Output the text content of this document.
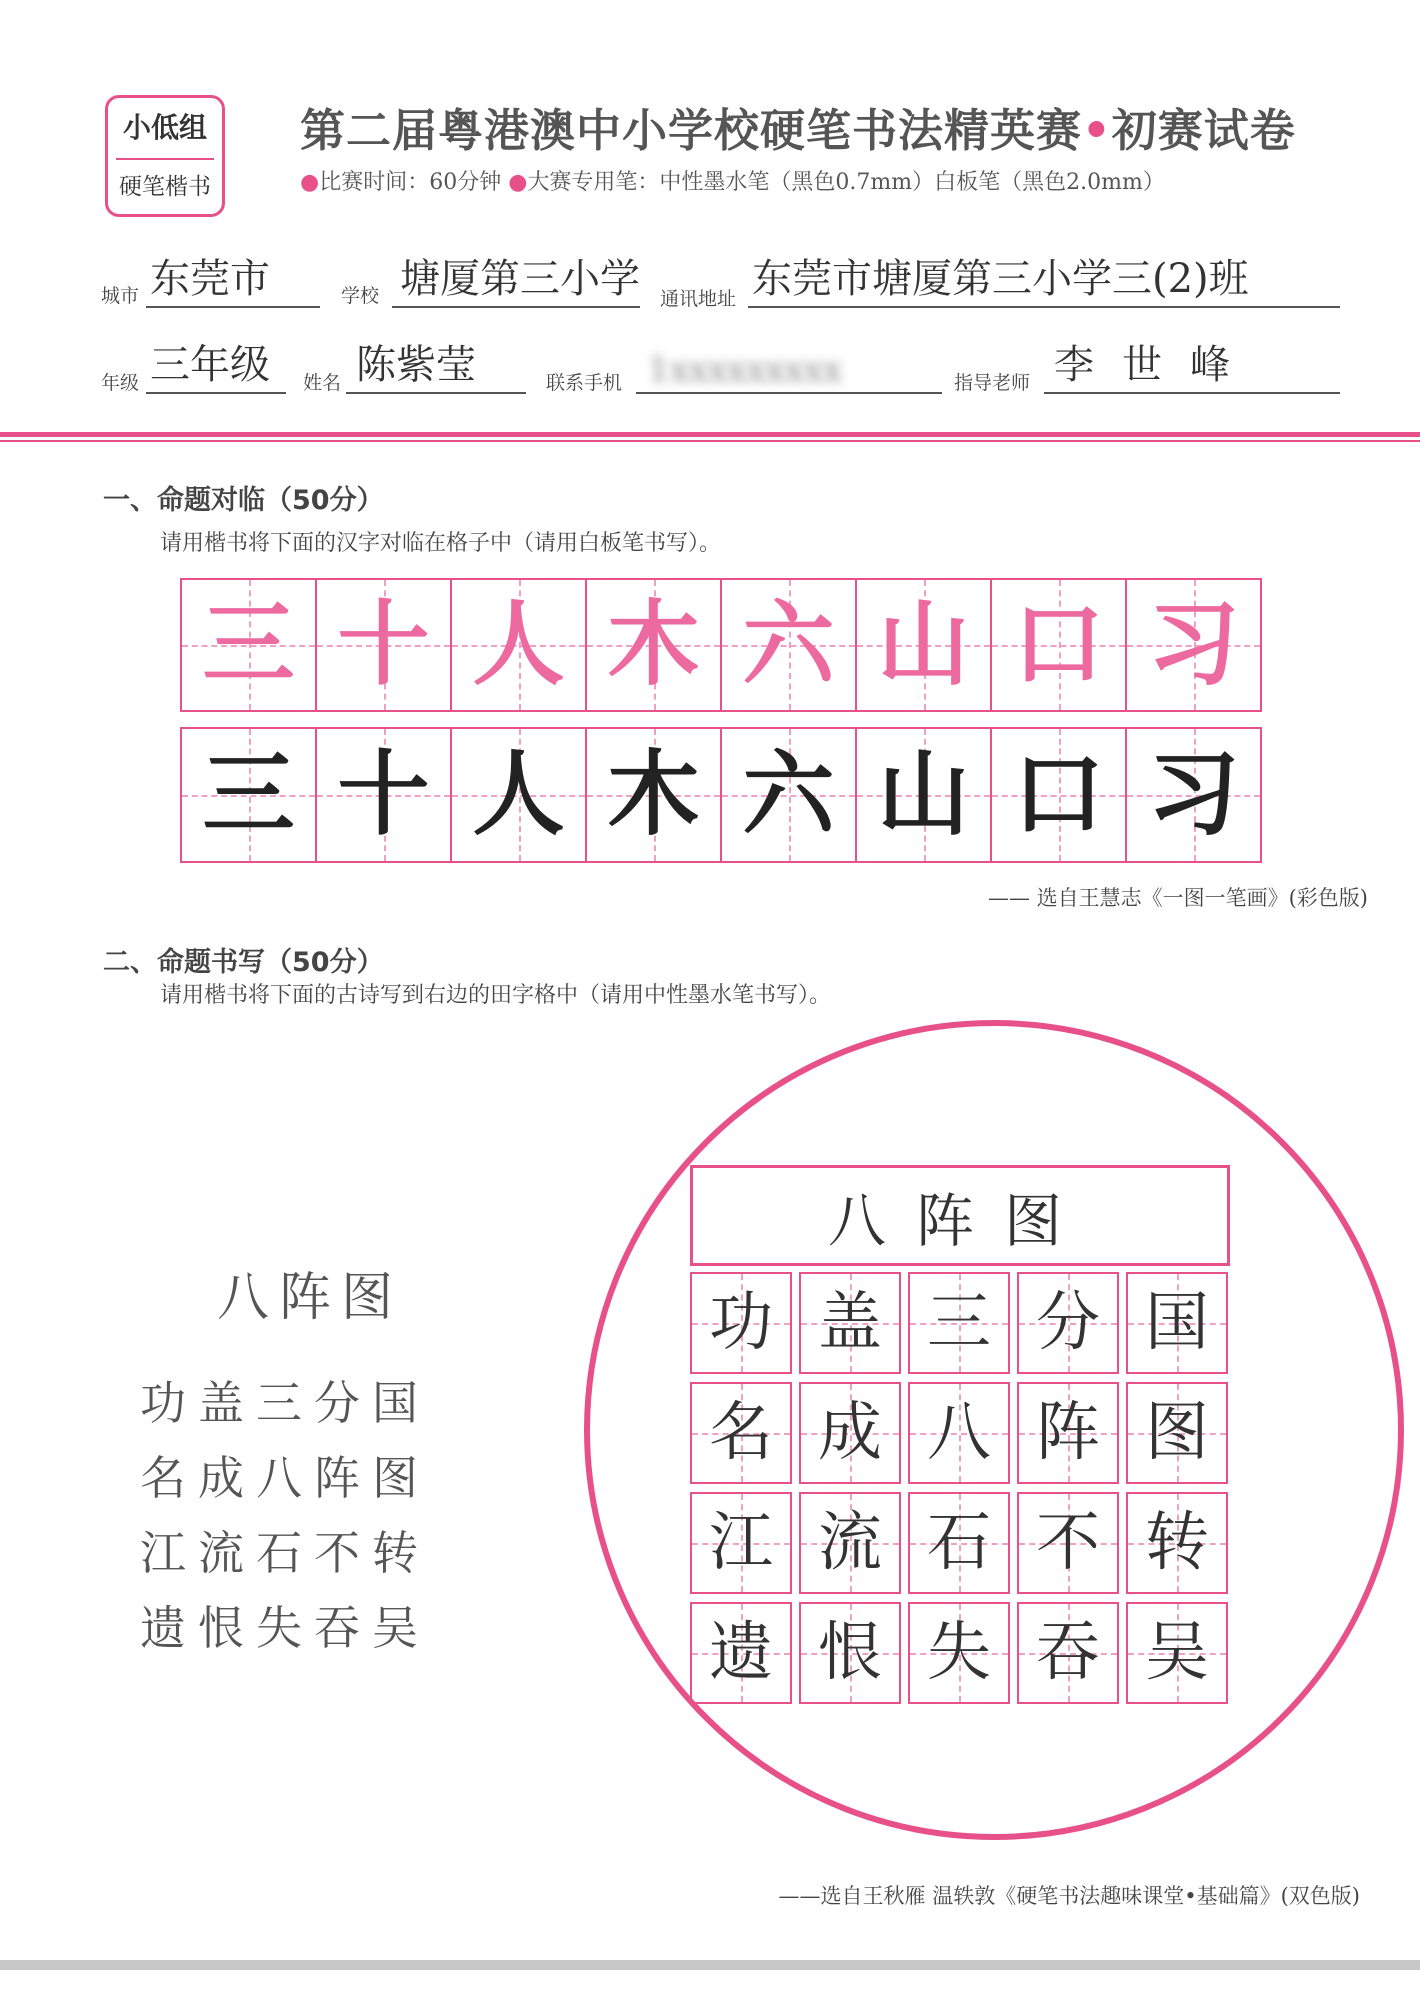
小低组
硬笔楷书
第二届粤港澳中小学校硬笔书法精英赛•初赛试卷
●比赛时间：60分钟 ●大赛专用笔：中性墨水笔（黑色0.7mm）白板笔（黑色2.0mm）
城市 东莞市	学校 塘厦第三小学 通讯地址 东莞市塘厦第三小学三(2)班
年级 三年级 姓名 陈紫莹	联系手机 1xxxxxxxxx	指导老师 李世峰
一、命题对临（50分）
请用楷书将下面的汉字对临在格子中（请用白板笔书写）。
三 十 人 木 六 山 口 习
三 十 人 木 六 山 口 习
—— 选自王慧志《一图一笔画》(彩色版)
二、命题书写（50分）
请用楷书将下面的古诗写到右边的田字格中（请用中性墨水笔书写）。
八阵图
功盖三分国
名成八阵图
江流石不转
遗恨失吞吴
八阵图
功 盖 三 分 国
名 成 八 阵 图
江 流 石 不 转
遗 恨 失 吞 吴
——选自王秋雁 温轶敦《硬笔书法趣味课堂•基础篇》(双色版)
